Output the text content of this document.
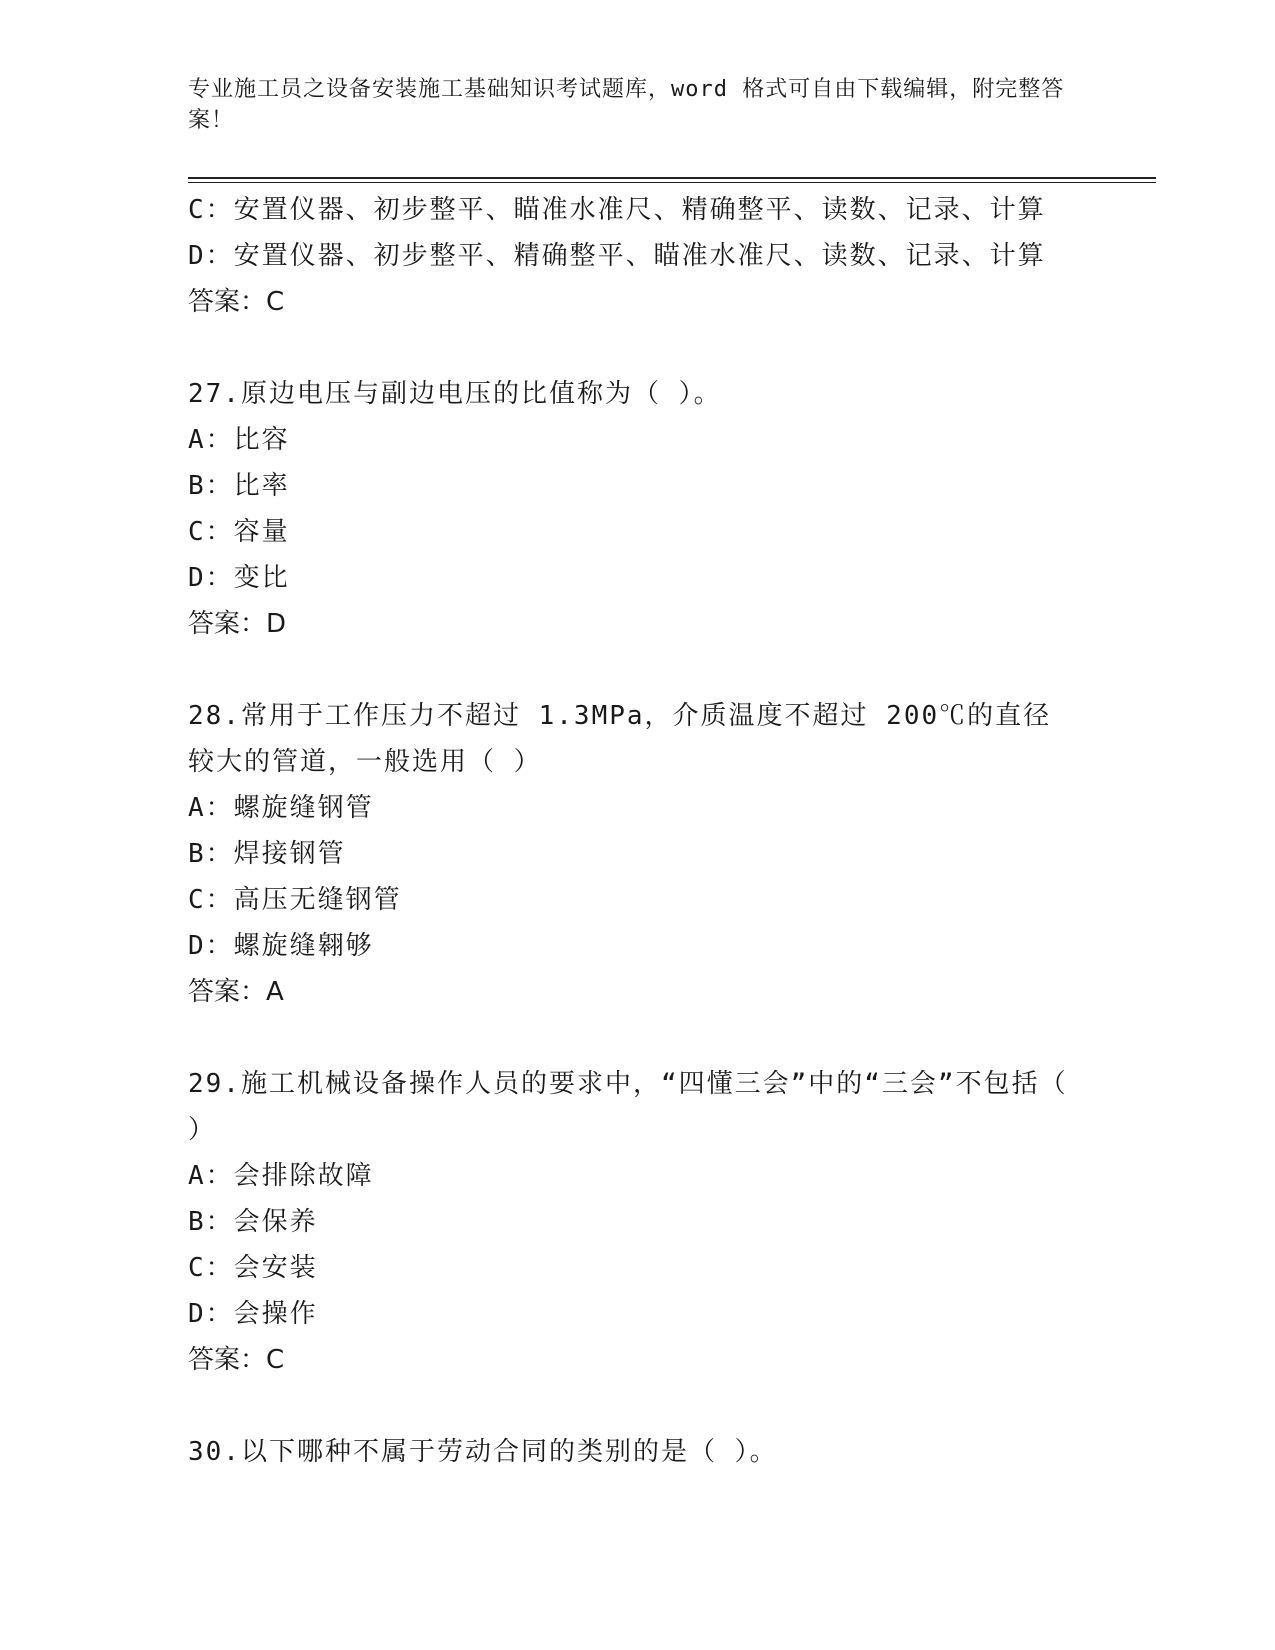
专业施工员之设备安装施工基础知识考试题库，word 格式可自由下载编辑，附完整答案！
C：安置仪器、初步整平、瞄准水准尺、精确整平、读数、记录、计算
D：安置仪器、初步整平、精确整平、瞄准水准尺、读数、记录、计算
答案：C
27.原边电压与副边电压的比值称为（ ）。
A：比容
B：比率
C：容量
D：变比
答案：D
28.常用于工作压力不超过 1.3MPa，介质温度不超过 200℃的直径较大的管道，一般选用（ ）
A：螺旋缝钢管
B：焊接钢管
C：高压无缝钢管
D：螺旋缝翱够
答案：A
29.施工机械设备操作人员的要求中，“四懂三会”中的“三会”不包括（ ）
A：会排除故障
B：会保养
C：会安装
D：会操作
答案：C
30.以下哪种不属于劳动合同的类别的是（ ）。
